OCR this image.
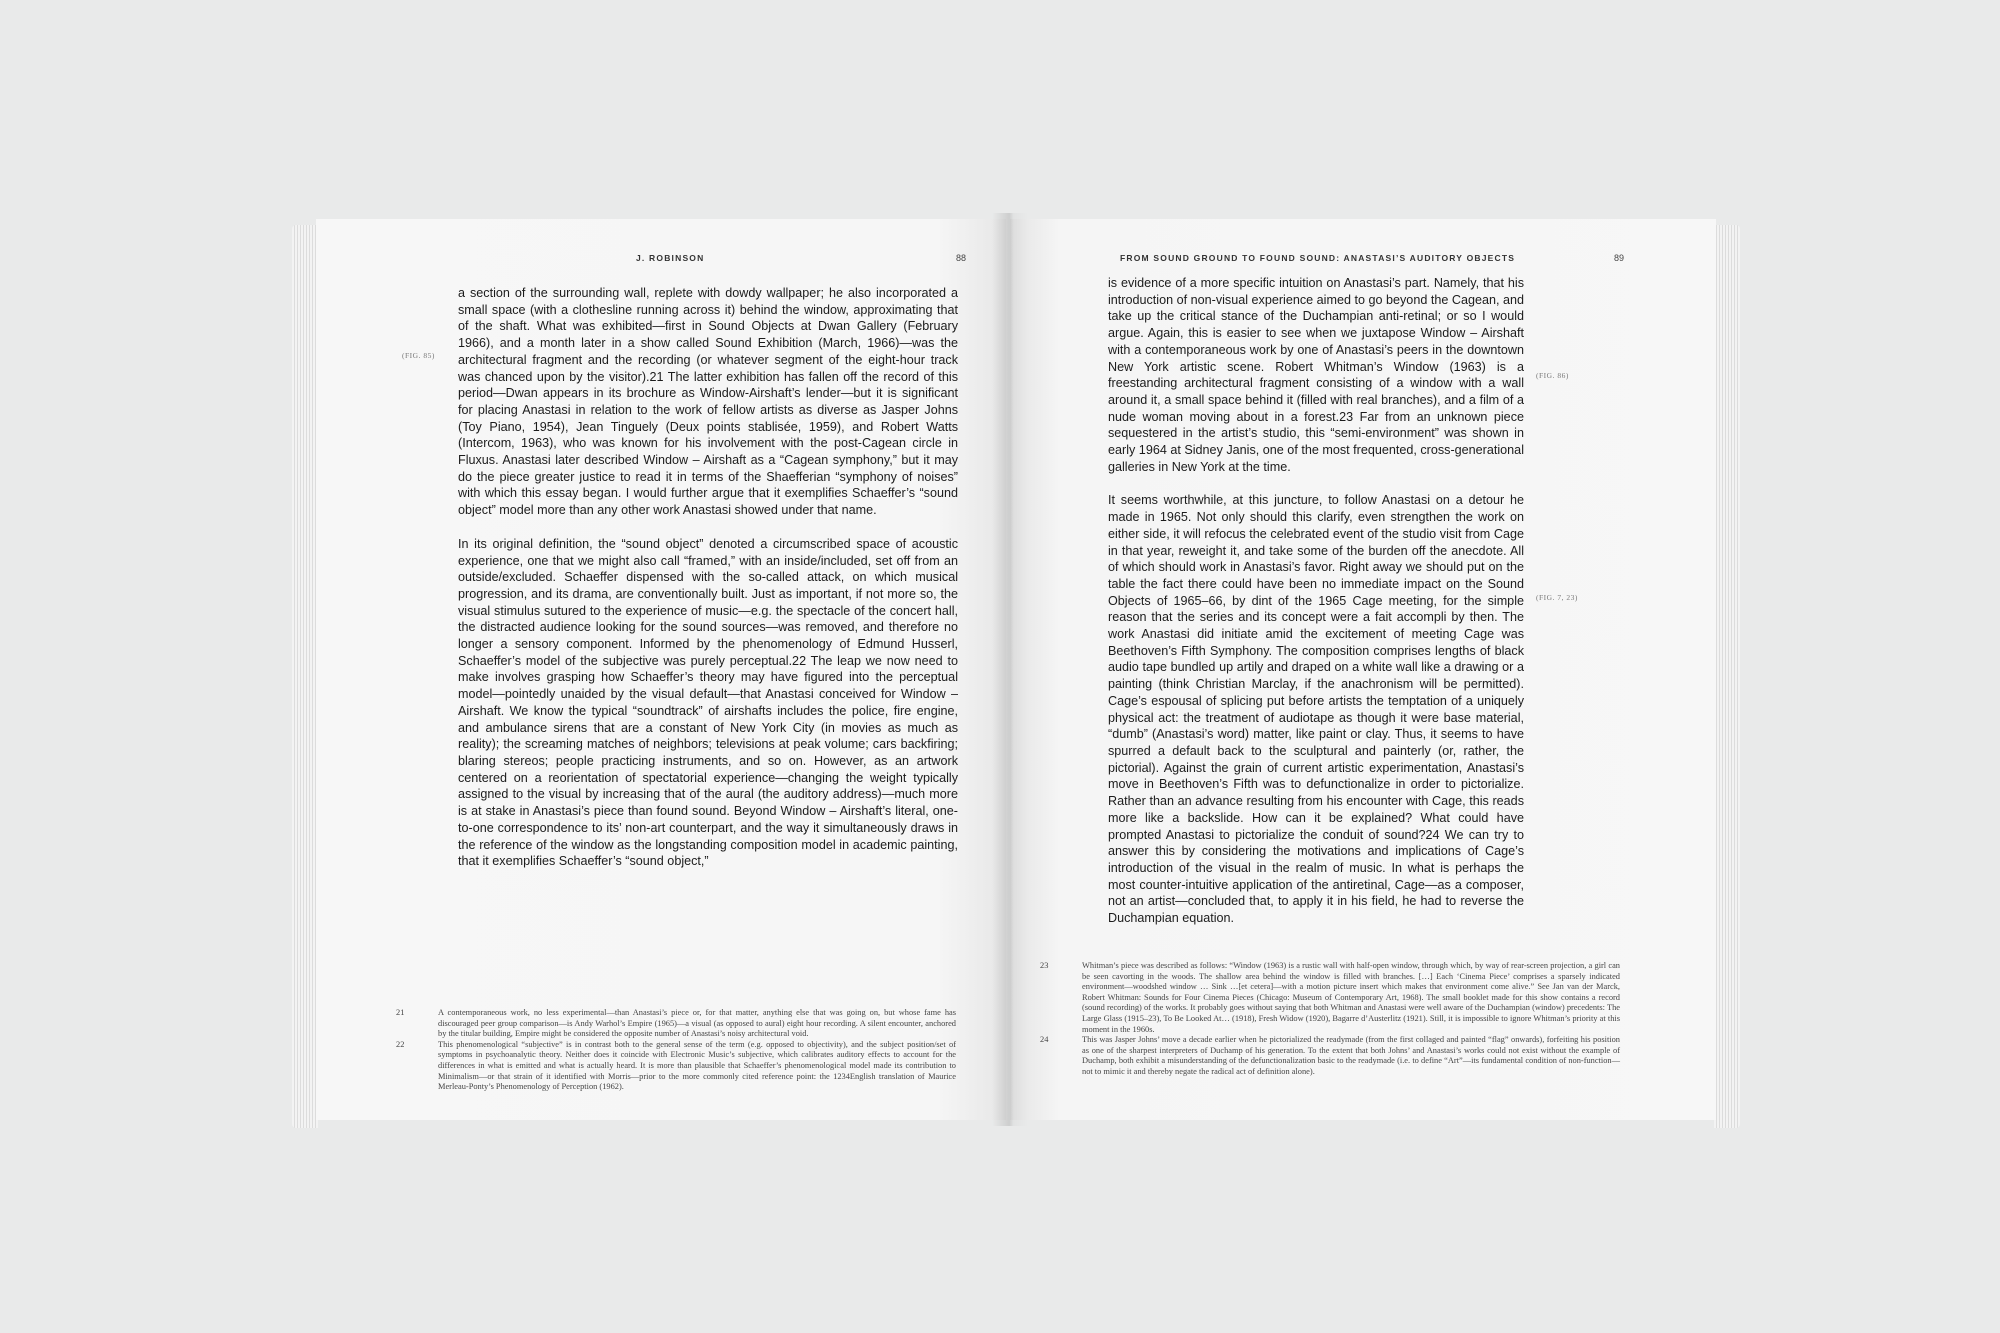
J. ROBINSON	88
(FIG. 85)

a section of the surrounding wall, replete with dowdy wallpaper; he also incorporated a small space (with a clothesline running across it) behind the window, approximating that of the shaft. What was exhibited—first in Sound Objects at Dwan Gallery (February 1966), and a month later in a show called Sound Exhibition (March, 1966)—was the architectural fragment and the recording (or whatever segment of the eight-hour track was chanced upon by the visitor).21 The latter exhibition has fallen off the record of this period—Dwan appears in its brochure as Window-Airshaft’s lender—but it is significant for placing Anastasi in relation to the work of fellow artists as diverse as Jasper Johns (Toy Piano, 1954), Jean Tinguely (Deux points stablisée, 1959), and Robert Watts (Intercom, 1963), who was known for his involvement with the post-Cagean circle in Fluxus. Anastasi later described Window – Airshaft as a “Cagean symphony,” but it may do the piece greater justice to read it in terms of the Shaefferian “symphony of noises” with which this essay began. I would further argue that it exemplifies Schaeffer’s “sound object” model more than any other work Anastasi showed under that name.

In its original definition, the “sound object” denoted a circumscribed space of acoustic experience, one that we might also call “framed,” with an inside/included, set off from an outside/excluded. Schaeffer dispensed with the so-called attack, on which musical progression, and its drama, are conventionally built. Just as important, if not more so, the visual stimulus sutured to the experience of music—e.g. the spectacle of the concert hall, the distracted audience looking for the sound sources—was removed, and therefore no longer a sensory component. Informed by the phenomenology of Edmund Husserl, Schaeffer’s model of the subjective was purely perceptual.22 The leap we now need to make involves grasping how Schaeffer’s theory may have figured into the perceptual model—pointedly unaided by the visual default—that Anastasi conceived for Window – Airshaft. We know the typical “soundtrack” of airshafts includes the police, fire engine, and ambulance sirens that are a constant of New York City (in movies as much as reality); the screaming matches of neighbors; televisions at peak volume; cars backfiring; blaring stereos; people practicing instruments, and so on. However, as an artwork centered on a reorientation of spectatorial experience—changing the weight typically assigned to the visual by increasing that of the aural (the auditory address)—much more is at stake in Anastasi’s piece than found sound. Beyond Window – Airshaft’s literal, one-to-one correspondence to its’ non-art counterpart, and the way it simultaneously draws in the reference of the window as the longstanding composition model in academic painting, that it exemplifies Schaeffer’s “sound object,”

21	A contemporaneous work, no less experimental—than Anastasi’s piece or, for that matter, anything else that was going on, but whose fame has discouraged peer group comparison—is Andy Warhol’s Empire (1965)—a visual (as opposed to aural) eight hour recording. A silent encounter, anchored by the titular building, Empire might be considered the opposite number of Anastasi’s noisy architectural void.

22	This phenomenological “subjective” is in contrast both to the general sense of the term (e.g. opposed to objectivity), and the subject position/set of symptoms in psychoanalytic theory. Neither does it coincide with Electronic Music’s subjective, which calibrates auditory effects to account for the differences in what is emitted and what is actually heard. It is more than plausible that Schaeffer’s phenomenological model made its contribution to Minimalism—or that strain of it identified with Morris—prior to the more commonly cited reference point: the 1234English translation of Maurice Merleau-Ponty’s Phenomenology of Perception (1962).

FROM SOUND GROUND TO FOUND SOUND: ANASTASI’S AUDITORY OBJECTS	89
(FIG. 86)
(FIG. 7, 23)

is evidence of a more specific intuition on Anastasi’s part. Namely, that his introduction of non-visual experience aimed to go beyond the Cagean, and take up the critical stance of the Duchampian anti-retinal; or so I would argue. Again, this is easier to see when we juxtapose Window – Airshaft with a contemporaneous work by one of Anastasi’s peers in the downtown New York artistic scene. Robert Whitman’s Window (1963) is a freestanding architectural fragment consisting of a window with a wall around it, a small space behind it (filled with real branches), and a film of a nude woman moving about in a forest.23 Far from an unknown piece sequestered in the artist’s studio, this “semi-environment” was shown in early 1964 at Sidney Janis, one of the most frequented, cross-generational galleries in New York at the time.

It seems worthwhile, at this juncture, to follow Anastasi on a detour he made in 1965. Not only should this clarify, even strengthen the work on either side, it will refocus the celebrated event of the studio visit from Cage in that year, reweight it, and take some of the burden off the anecdote. All of which should work in Anastasi’s favor. Right away we should put on the table the fact there could have been no immediate impact on the Sound Objects of 1965–66, by dint of the 1965 Cage meeting, for the simple reason that the series and its concept were a fait accompli by then. The work Anastasi did initiate amid the excitement of meeting Cage was Beethoven’s Fifth Symphony. The composition comprises lengths of black audio tape bundled up artily and draped on a white wall like a drawing or a painting (think Christian Marclay, if the anachronism will be permitted). Cage’s espousal of splicing put before artists the temptation of a uniquely physical act: the treatment of audiotape as though it were base material, “dumb” (Anastasi’s word) matter, like paint or clay. Thus, it seems to have spurred a default back to the sculptural and painterly (or, rather, the pictorial). Against the grain of current artistic experimentation, Anastasi’s move in Beethoven’s Fifth was to defunctionalize in order to pictorialize. Rather than an advance resulting from his encounter with Cage, this reads more like a backslide. How can it be explained? What could have prompted Anastasi to pictorialize the conduit of sound?24 We can try to answer this by considering the motivations and implications of Cage’s introduction of the visual in the realm of music. In what is perhaps the most counter-intuitive application of the antiretinal, Cage—as a composer, not an artist—concluded that, to apply it in his field, he had to reverse the Duchampian equation.

23	Whitman’s piece was described as follows: “Window (1963) is a rustic wall with half-open window, through which, by way of rear-screen projection, a girl can be seen cavorting in the woods. The shallow area behind the window is filled with branches. […] Each ‘Cinema Piece’ comprises a sparsely indicated environment—woodshed window … Sink …[et cetera]—with a motion picture insert which makes that environment come alive.” See Jan van der Marck, Robert Whitman: Sounds for Four Cinema Pieces (Chicago: Museum of Contemporary Art, 1968). The small booklet made for this show contains a record (sound recording) of the works. It probably goes without saying that both Whitman and Anastasi were well aware of the Duchampian (window) precedents: The Large Glass (1915–23), To Be Looked At… (1918), Fresh Widow (1920), Bagarre d’Austerlitz (1921). Still, it is impossible to ignore Whitman’s priority at this moment in the 1960s.

24	This was Jasper Johns’ move a decade earlier when he pictorialized the readymade (from the first collaged and painted “flag” onwards), forfeiting his position as one of the sharpest interpreters of Duchamp of his generation. To the extent that both Johns’ and Anastasi’s works could not exist without the example of Duchamp, both exhibit a misunderstanding of the defunctionalization basic to the readymade (i.e. to define “Art”—its fundamental condition of non-function—not to mimic it and thereby negate the radical act of definition alone).
